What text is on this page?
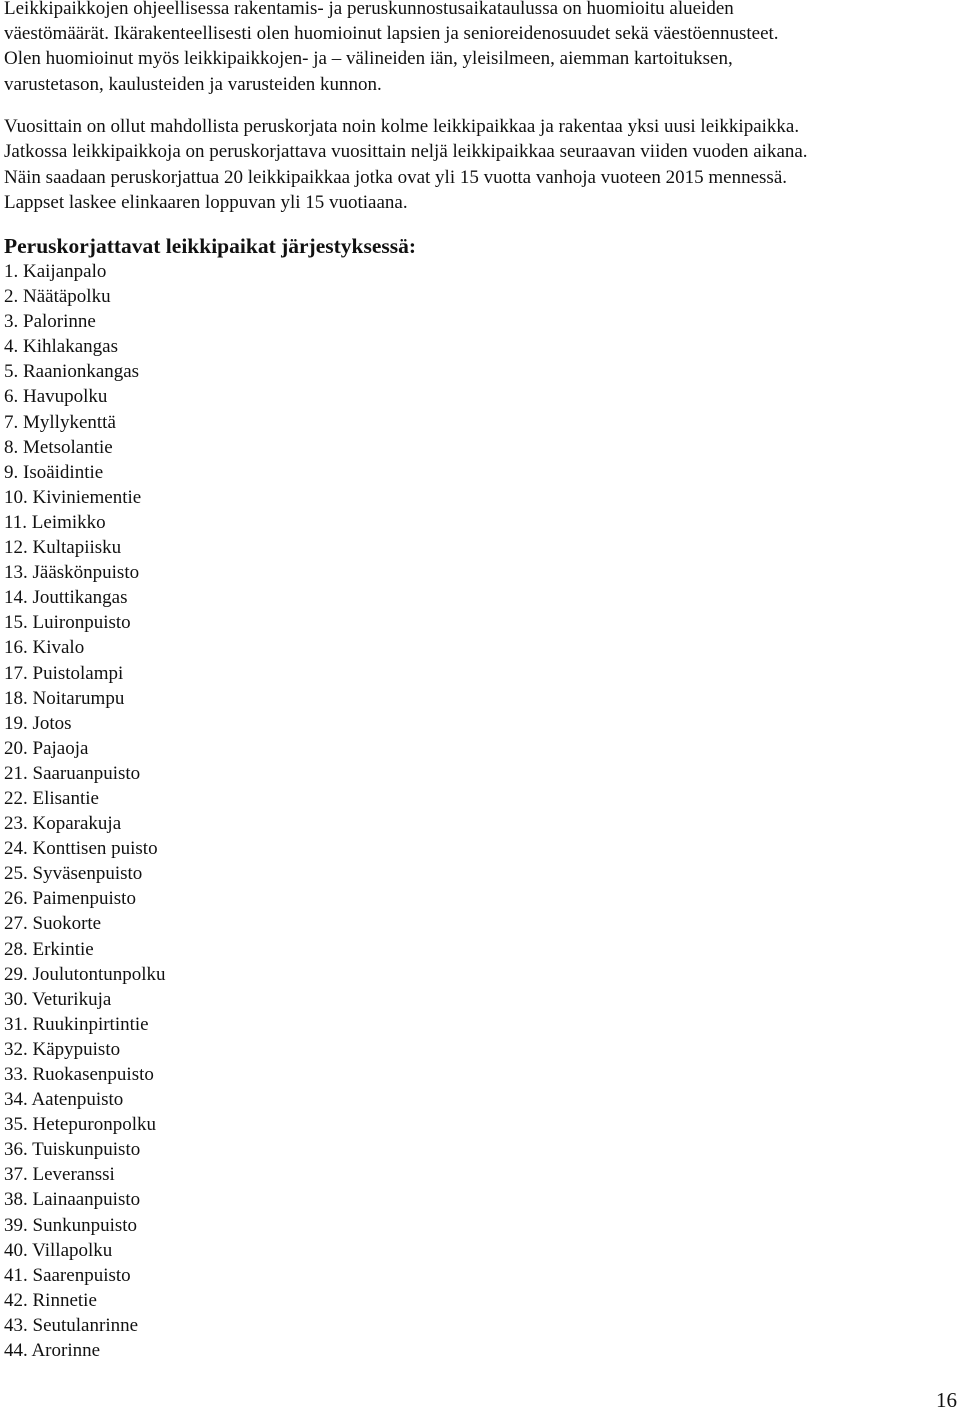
Leikkipaikkojen ohjeellisessa rakentamis- ja peruskunnostusaikataulussa on huomioitu alueiden
väestömäärät. Ikärakenteellisesti olen huomioinut lapsien ja senioreidenosuudet sekä väestöennusteet.
Olen huomioinut myös leikkipaikkojen- ja – välineiden iän, yleisilmeen, aiemman kartoituksen,
varustetason, kaulusteiden ja varusteiden kunnon.
Vuosittain on ollut mahdollista peruskorjata noin kolme leikkipaikkaa ja rakentaa yksi uusi leikkipaikka.
Jatkossa leikkipaikkoja on peruskorjattava vuosittain neljä leikkipaikkaa seuraavan viiden vuoden aikana.
Näin saadaan peruskorjattua 20 leikkipaikkaa jotka ovat yli 15 vuotta vanhoja vuoteen 2015 mennessä.
Lappset laskee elinkaaren loppuvan yli 15 vuotiaana.
Peruskorjattavat leikkipaikat järjestyksessä:
1. Kaijanpalo
2. Näätäpolku
3. Palorinne
4. Kihlakangas
5. Raanionkangas
6. Havupolku
7. Myllykenttä
8. Metsolantie
9. Isoäidintie
10. Kiviniementie
11. Leimikko
12. Kultapiisku
13. Jääskönpuisto
14. Jouttikangas
15. Luironpuisto
16. Kivalo
17. Puistolampi
18. Noitarumpu
19. Jotos
20. Pajaoja
21. Saaruanpuisto
22. Elisantie
23. Koparakuja
24. Konttisen puisto
25. Syväsenpuisto
26. Paimenpuisto
27. Suokorte
28. Erkintie
29. Joulutontunpolku
30. Veturikuja
31. Ruukinpirtintie
32. Käpypuisto
33. Ruokasenpuisto
34. Aatenpuisto
35. Hetepuronpolku
36. Tuiskunpuisto
37. Leveranssi
38. Lainaanpuisto
39. Sunkunpuisto
40. Villapolku
41. Saarenpuisto
42. Rinnetie
43. Seutulanrinne
44. Arorinne
16
